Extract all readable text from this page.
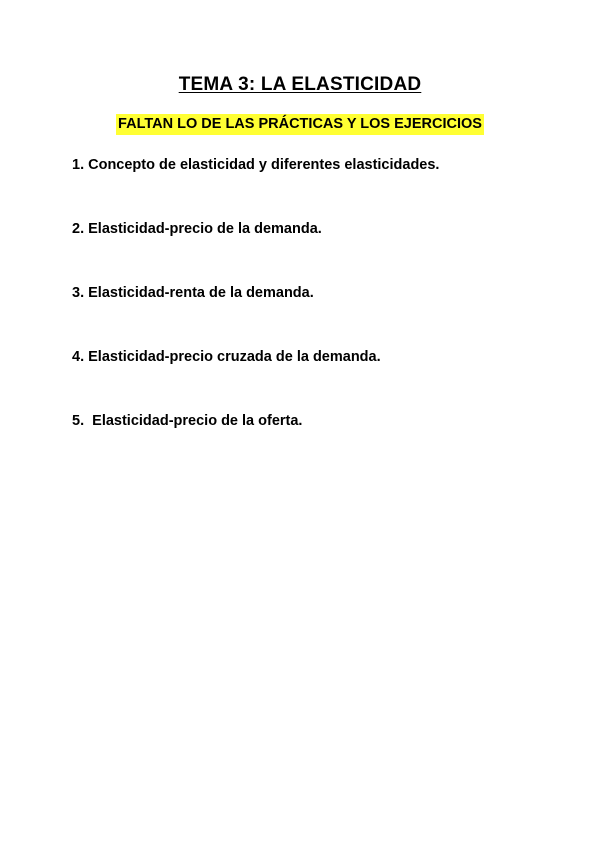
TEMA 3: LA ELASTICIDAD
FALTAN LO DE LAS PRÁCTICAS Y LOS EJERCICIOS

1. Concepto de elasticidad y diferentes elasticidades.

2. Elasticidad-precio de la demanda.

3. Elasticidad-renta de la demanda.

4. Elasticidad-precio cruzada de la demanda.

5.  Elasticidad-precio de la oferta.
